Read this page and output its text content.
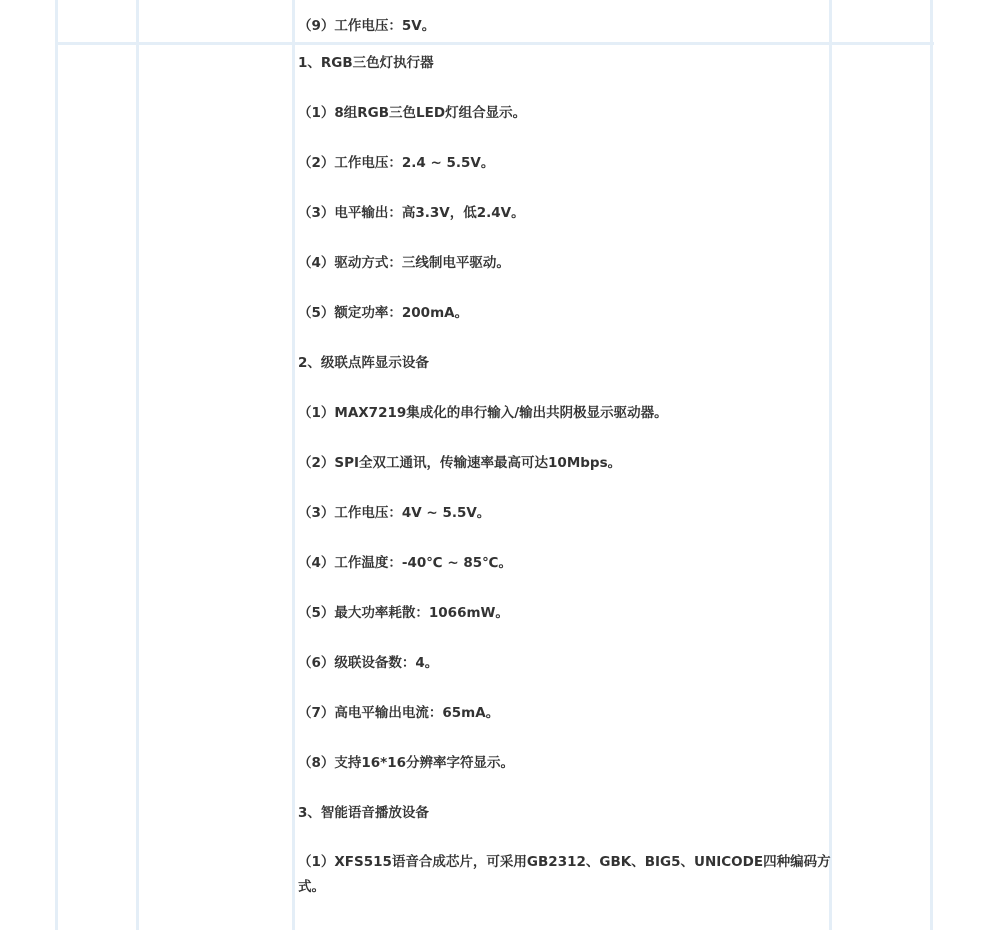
（9）工作电压：5V。
1、RGB三色灯执行器
（1）8组RGB三色LED灯组合显示。
（2）工作电压：2.4 ~ 5.5V。
（3）电平输出：高3.3V，低2.4V。
（4）驱动方式：三线制电平驱动。
（5）额定功率：200mA。
2、级联点阵显示设备
（1）MAX7219集成化的串行输入/输出共阴极显示驱动器。
（2）SPI全双工通讯，传输速率最高可达10Mbps。
（3）工作电压：4V ~ 5.5V。
（4）工作温度：-40℃ ~ 85℃。
（5）最大功率耗散：1066mW。
（6）级联设备数：4。
（7）高电平输出电流：65mA。
（8）支持16*16分辨率字符显示。
3、智能语音播放设备
（1）XFS515语音合成芯片，可采用GB2312、GBK、BIG5、UNICODE四种编码方式。
